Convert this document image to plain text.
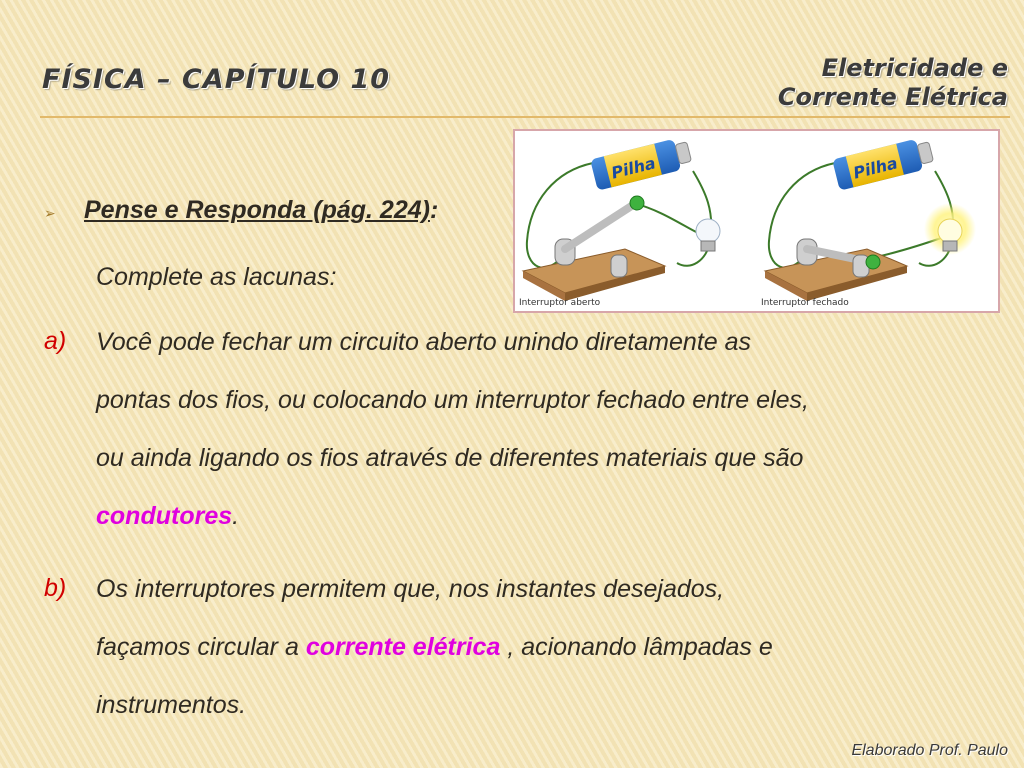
FÍSICA – CAPÍTULO 10	Eletricidade e
Corrente Elétrica
Pilha
Interruptor aberto
Pilha
Interruptor fechado
➢ Pense e Responda (pág. 224):
Complete as lacunas:
a) Você pode fechar um circuito aberto unindo diretamente as
pontas dos fios, ou colocando um interruptor fechado entre eles,
ou ainda ligando os fios através de diferentes materiais que são
condutores.
b) Os interruptores permitem que, nos instantes desejados,
façamos circular a corrente elétrica , acionando lâmpadas e
instrumentos.
Elaborado Prof. Paulo
